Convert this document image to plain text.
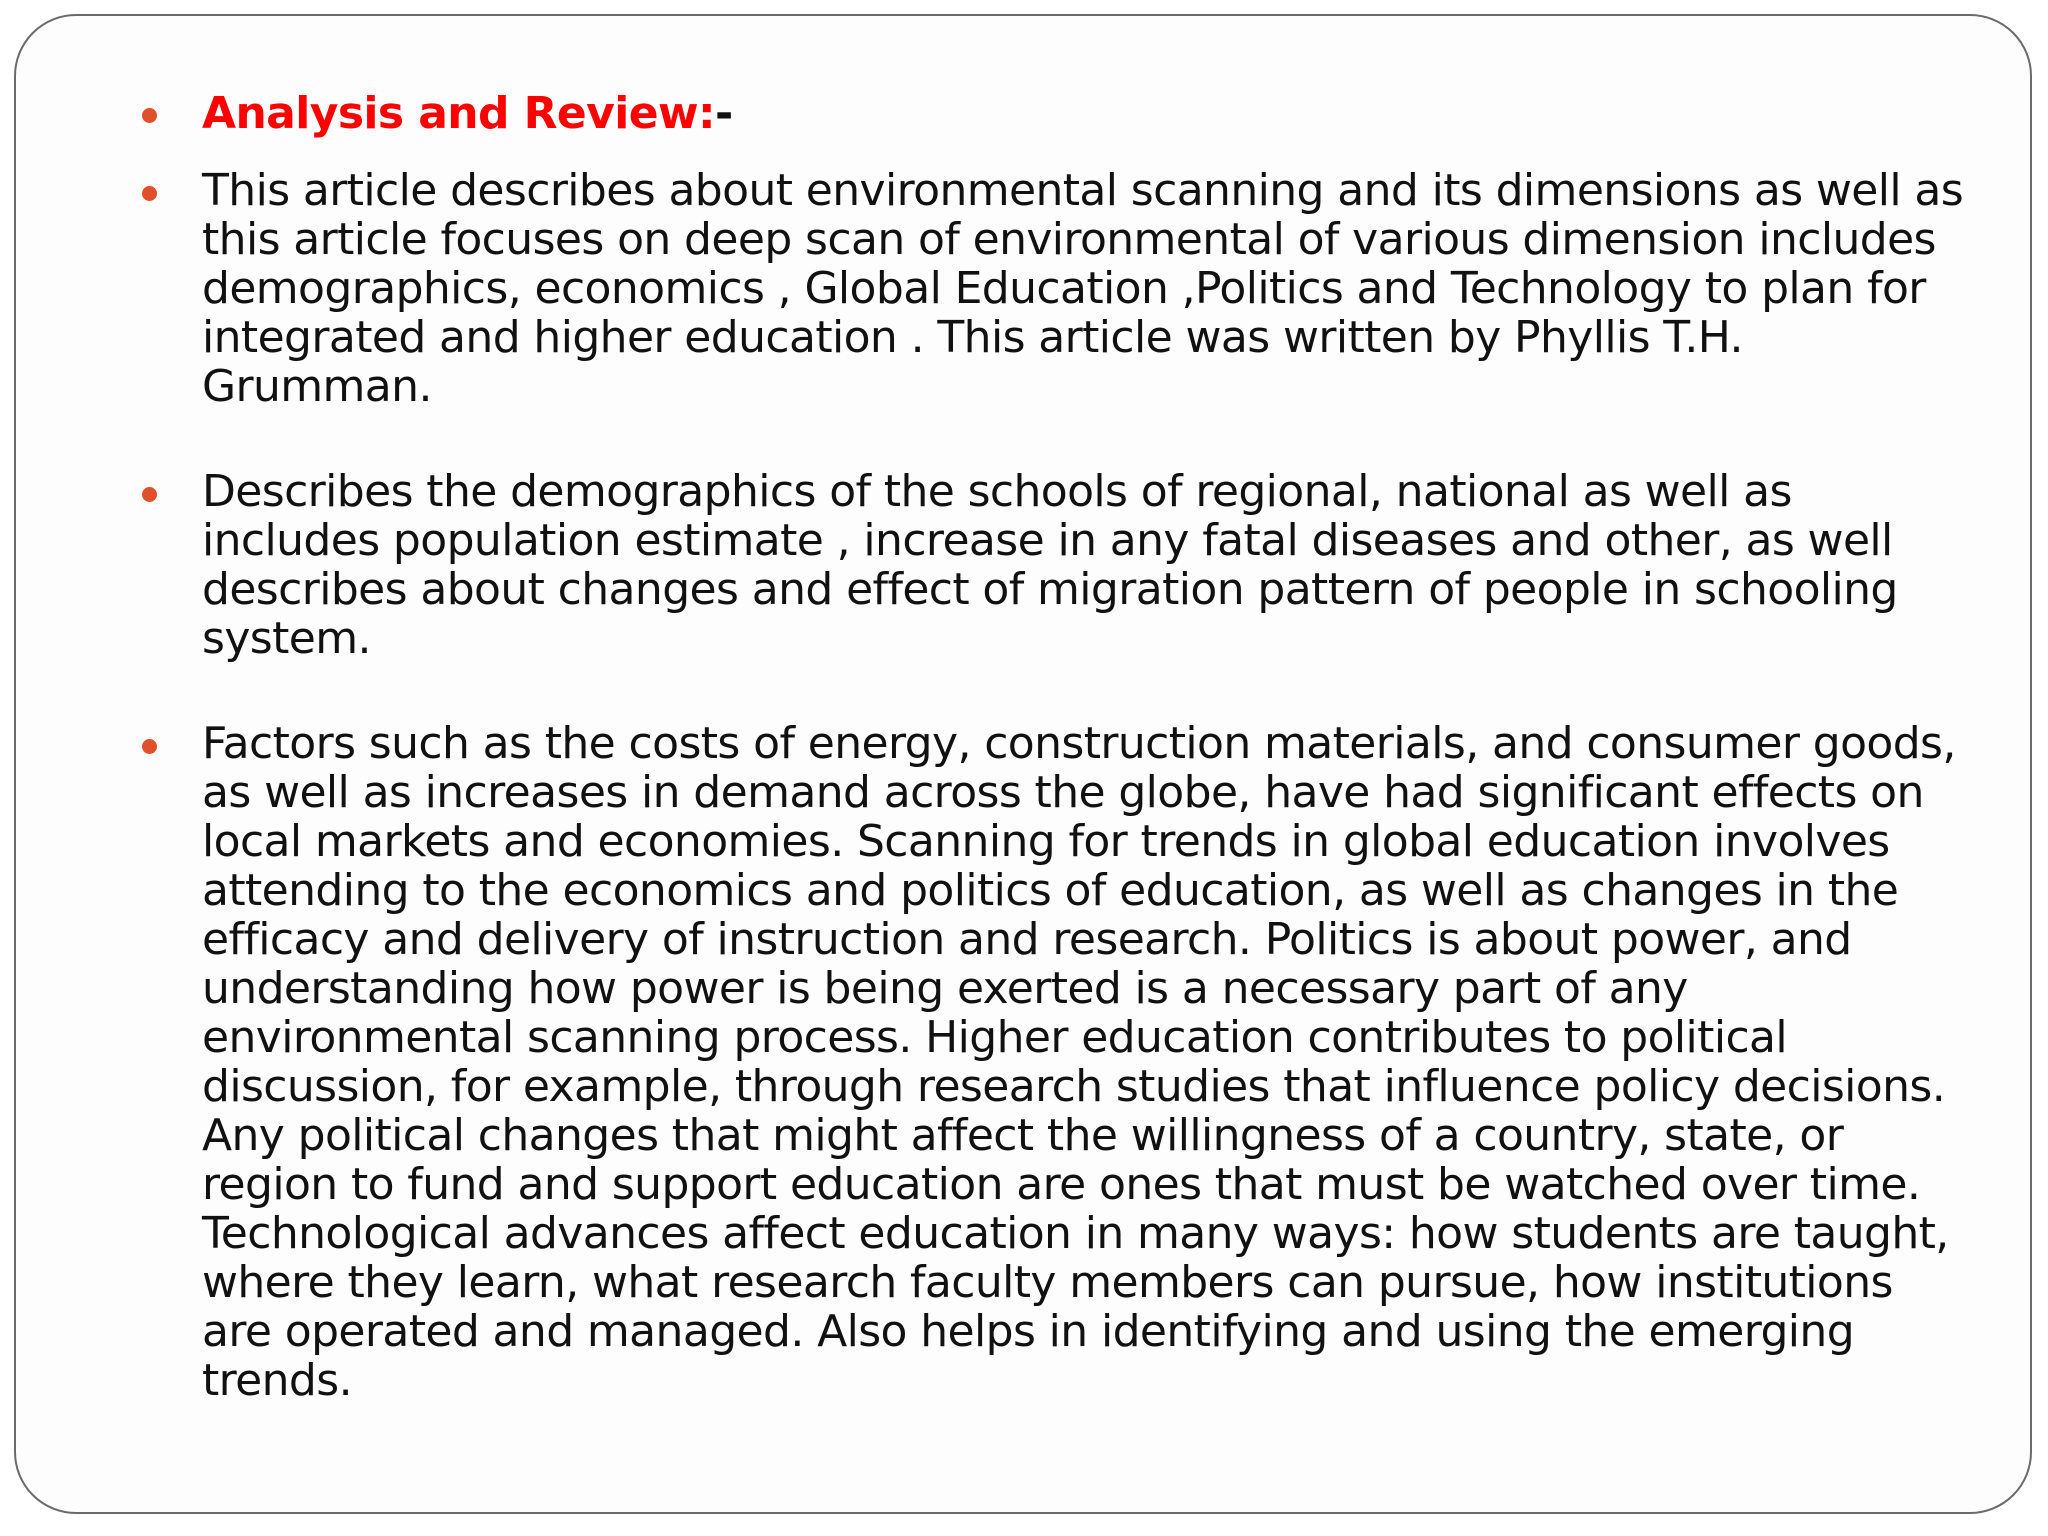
Analysis and Review:-
This article describes about environmental scanning and its dimensions as well as this article focuses on deep scan of environmental of various dimension includes demographics, economics , Global Education ,Politics and Technology to plan for integrated and higher education . This article was written by Phyllis T.H. Grumman.
Describes the demographics of the schools of regional, national as well as includes population estimate , increase in any fatal diseases and other, as well describes about changes and effect of migration pattern of people in schooling system.
Factors such as the costs of energy, construction materials, and consumer goods, as well as increases in demand across the globe, have had significant effects on local markets and economies. Scanning for trends in global education involves attending to the economics and politics of education, as well as changes in the efficacy and delivery of instruction and research. Politics is about power, and understanding how power is being exerted is a necessary part of any environmental scanning process. Higher education contributes to political discussion, for example, through research studies that influence policy decisions. Any political changes that might affect the willingness of a country, state, or region to fund and support education are ones that must be watched over time. Technological advances affect education in many ways: how students are taught, where they learn, what research faculty members can pursue, how institutions are operated and managed. Also helps in identifying and using the emerging trends.
